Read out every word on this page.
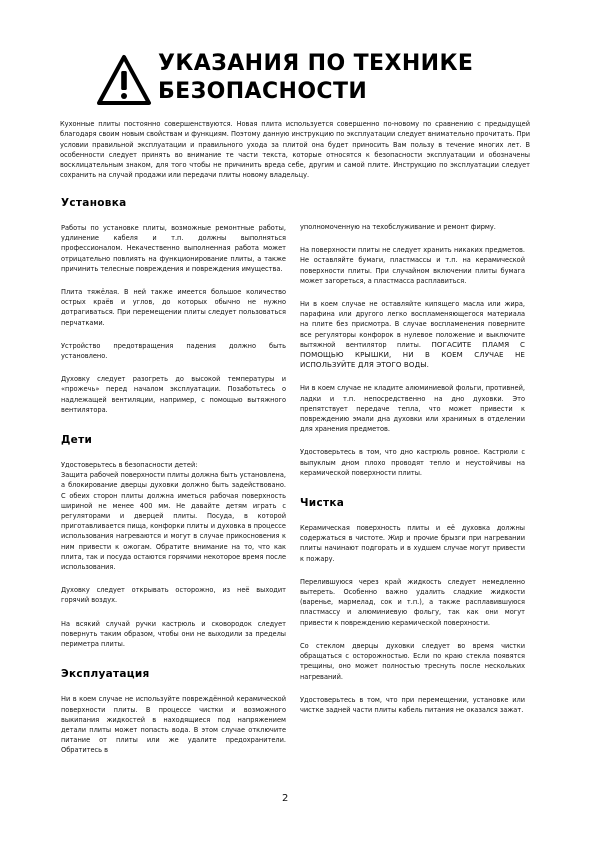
УКАЗАНИЯ ПО ТЕХНИКЕ
БЕЗОПАСНОСТИ

Кухонные плиты постоянно совершенствуются. Новая плита используется совершенно по-новому по сравнению с предыдущей благодаря своим новым свойствам и функциям. Поэтому данную инструкцию по эксплуатации следует внимательно прочитать. При условии правильной эксплуатации и правильного ухода за плитой она будет приносить Вам пользу в течение многих лет. В особенности следует принять во внимание те части текста, которые относятся к безопасности эксплуатации и обозначены восклицательным знаком, для того чтобы не причинить вреда себе, другим и самой плите. Инструкцию по эксплуатации следует сохранить на случай продажи или передачи плиты новому владельцу.

Установка

Работы по установке плиты, возможные ремонтные работы, удлинение кабеля и т.п. должны выполняться профессионалом. Некачественно выполненная работа может отрицательно повлиять на функционирование плиты, а также причинить телесные повреждения и повреждения имущества.

Плита тяжёлая. В ней также имеется большое количество острых краёв и углов, до которых обычно не нужно дотрагиваться. При перемещении плиты следует пользоваться перчатками.

Устройство предотвращения падения должно быть установлено.

Духовку следует разогреть до высокой температуры и «прожечь» перед началом эксплуатации. Позаботьтесь о надлежащей вентиляции, например, с помощью вытяжного вентилятора.

Дети

Удостоверьтесь в безопасности детей:

Защита рабочей поверхности плиты должна быть установлена, а блокирование дверцы духовки должно быть задействовано. С обеих сторон плиты должна иметься рабочая поверхность шириной не менее 400 мм. Не давайте детям играть с регуляторами и дверцей плиты. Посуда, в которой приготавливается пища, конфорки плиты и духовка в процессе использования нагреваются и могут в случае прикосновения к ним привести к ожогам. Обратите внимание на то, что как плита, так и посуда остаются горячими некоторое время после использования.

Духовку следует открывать осторожно, из неё выходит горячий воздух.

На всякий случай ручки кастрюль и сковородок следует повернуть таким образом, чтобы они не выходили за пределы периметра плиты.

Эксплуатация

Ни в коем случае не используйте повреждённой керамической поверхности плиты. В процессе чистки и возможного выкипания жидкостей в находящиеся под напряжением детали плиты может попасть вода. В этом случае отключите питание от плиты или же удалите предохранители. Обратитесь в

уполномоченную на техобслуживание и ремонт фирму.

На поверхности плиты не следует хранить никаких предметов. Не оставляйте бумаги, пластмассы и т.п. на керамической поверхности плиты. При случайном включении плиты бумага может загореться, а пластмасса расплавиться.

Ни в коем случае не оставляйте кипящего масла или жира, парафина или другого легко воспламеняющегося материала на плите без присмотра. В случае воспламенения поверните все регуляторы конфорок в нулевое положение и выключите вытяжной вентилятор плиты. ПОГАСИТЕ ПЛАМЯ С ПОМОЩЬЮ КРЫШКИ, НИ В КОЕМ СЛУЧАЕ НЕ ИСПОЛЬЗУЙТЕ ДЛЯ ЭТОГО ВОДЫ.

Ни в коем случае не кладите алюминиевой фольги, противней, ладки и т.п. непосредственно на дно духовки. Это препятствует передаче тепла, что может привести к повреждению эмали дна духовки или хранимых в отделении для хранения предметов.

Удостоверьтесь в том, что дно кастрюль ровное. Кастрюли с выпуклым дном плохо проводят тепло и неустойчивы на керамической поверхности плиты.

Чистка

Керамическая поверхность плиты и её духовка должны содержаться в чистоте. Жир и прочие брызги при нагревании плиты начинают подгорать и в худшем случае могут привести к пожару.

Перелившуюся через край жидкость следует немедленно вытереть. Особенно важно удалить сладкие жидкости (варенье, мармелад, сок и т.п.), а также расплавившуюся пластмассу и алюминиевую фольгу, так как они могут привести к повреждению керамической поверхности.

Со стеклом дверцы духовки следует во время чистки обращаться с осторожностью. Если по краю стекла появятся трещины, оно может полностью треснуть после нескольких нагреваний.

Удостоверьтесь в том, что при перемещении, установке или чистке задней части плиты кабель питания не оказался зажат.

2
